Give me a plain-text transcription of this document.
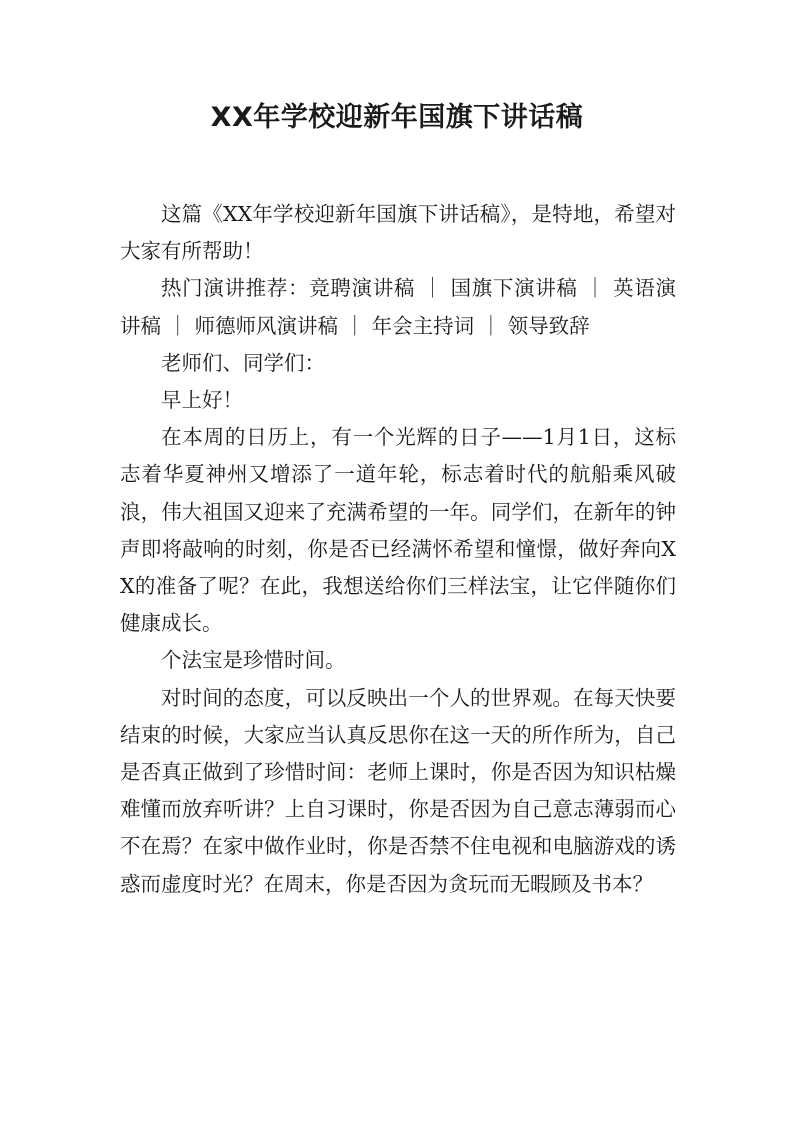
XX年学校迎新年国旗下讲话稿

这篇《XX年学校迎新年国旗下讲话稿》，是特地，希望对大家有所帮助！

热门演讲推荐：竞聘演讲稿 ｜ 国旗下演讲稿 ｜ 英语演讲稿 ｜ 师德师风演讲稿 ｜ 年会主持词 ｜ 领导致辞

老师们、同学们：

早上好！

在本周的日历上，有一个光辉的日子——1月1日，这标志着华夏神州又增添了一道年轮，标志着时代的航船乘风破浪，伟大祖国又迎来了充满希望的一年。同学们，在新年的钟声即将敲响的时刻，你是否已经满怀希望和憧憬，做好奔向XX的准备了呢？在此，我想送给你们三样法宝，让它伴随你们健康成长。

个法宝是珍惜时间。

对时间的态度，可以反映出一个人的世界观。在每天快要结束的时候，大家应当认真反思你在这一天的所作所为，自己是否真正做到了珍惜时间：老师上课时，你是否因为知识枯燥难懂而放弃听讲？上自习课时，你是否因为自己意志薄弱而心不在焉？在家中做作业时，你是否禁不住电视和电脑游戏的诱惑而虚度时光？在周末，你是否因为贪玩而无暇顾及书本？
